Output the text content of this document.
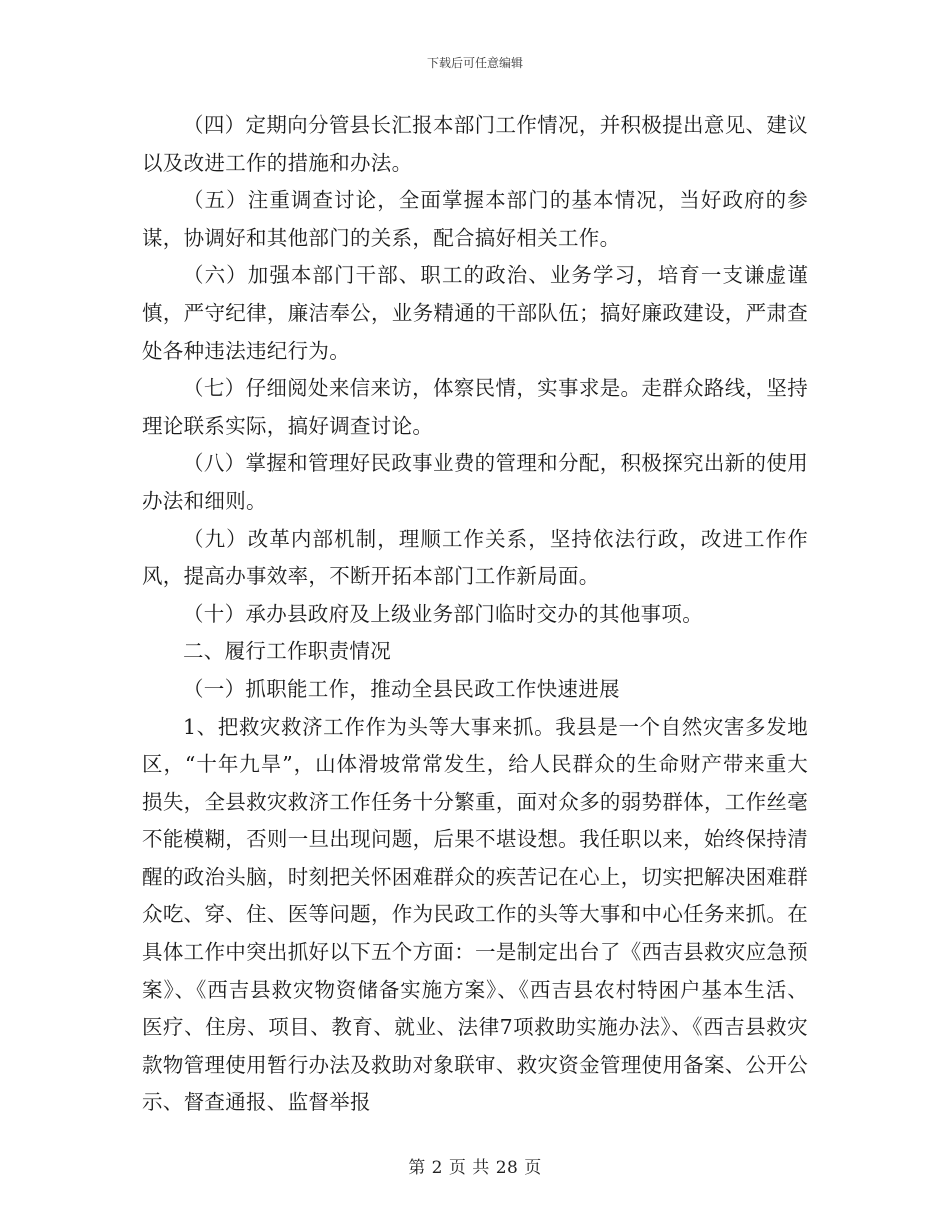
下载后可任意编辑

（四）定期向分管县长汇报本部门工作情况，并积极提出意见、建议以及改进工作的措施和办法。

（五）注重调查讨论，全面掌握本部门的基本情况，当好政府的参谋，协调好和其他部门的关系，配合搞好相关工作。

（六）加强本部门干部、职工的政治、业务学习，培育一支谦虚谨慎，严守纪律，廉洁奉公，业务精通的干部队伍；搞好廉政建设，严肃查处各种违法违纪行为。

（七）仔细阅处来信来访，体察民情，实事求是。走群众路线，坚持理论联系实际，搞好调查讨论。

（八）掌握和管理好民政事业费的管理和分配，积极探究出新的使用办法和细则。

（九）改革内部机制，理顺工作关系，坚持依法行政，改进工作作风，提高办事效率，不断开拓本部门工作新局面。

（十）承办县政府及上级业务部门临时交办的其他事项。

二、履行工作职责情况

（一）抓职能工作，推动全县民政工作快速进展

1、把救灾救济工作作为头等大事来抓。我县是一个自然灾害多发地区，“十年九旱”，山体滑坡常常发生，给人民群众的生命财产带来重大损失，全县救灾救济工作任务十分繁重，面对众多的弱势群体，工作丝毫不能模糊，否则一旦出现问题，后果不堪设想。我任职以来，始终保持清醒的政治头脑，时刻把关怀困难群众的疾苦记在心上，切实把解决困难群众吃、穿、住、医等问题，作为民政工作的头等大事和中心任务来抓。在具体工作中突出抓好以下五个方面：一是制定出台了《西吉县救灾应急预案》、《西吉县救灾物资储备实施方案》、《西吉县农村特困户基本生活、医疗、住房、项目、教育、就业、法律7项救助实施办法》、《西吉县救灾款物管理使用暂行办法及救助对象联审、救灾资金管理使用备案、公开公示、督查通报、监督举报

第 2 页 共 28 页
